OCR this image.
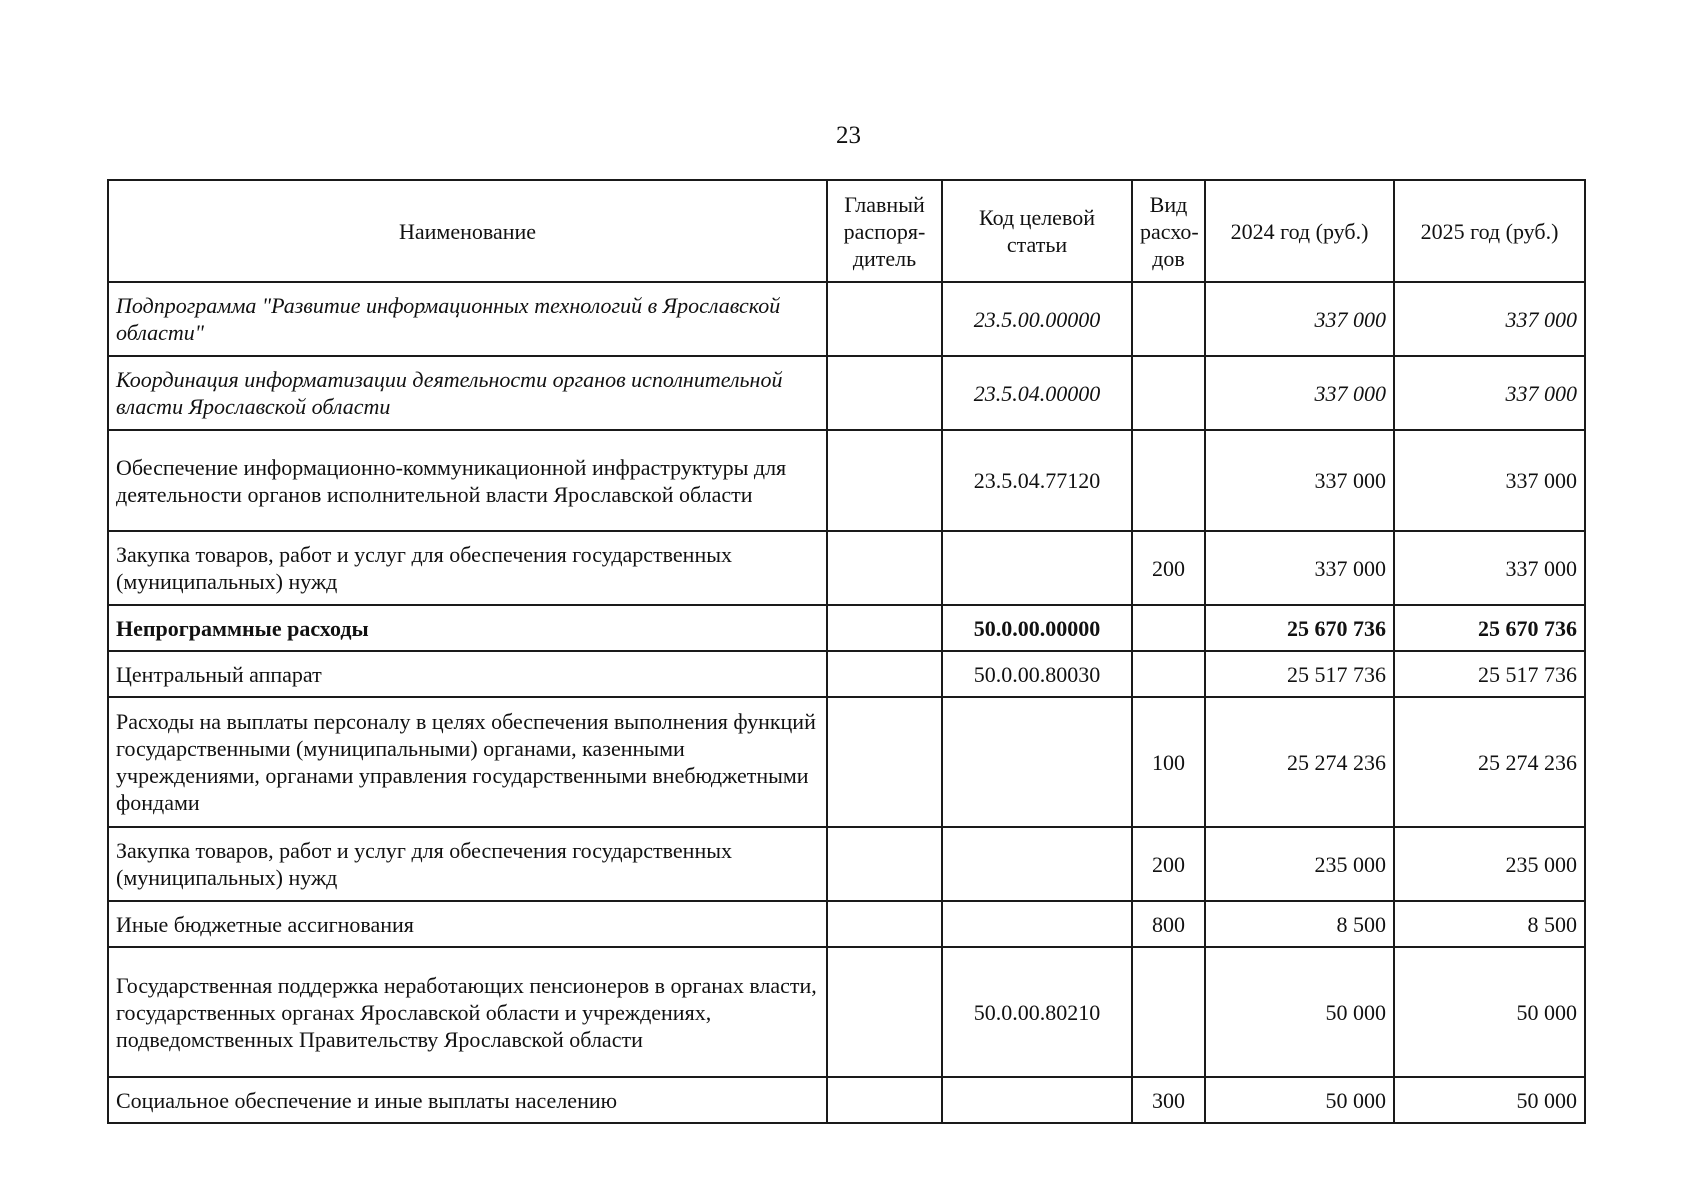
23
Наименование	Главный распоря-дитель	Код целевой статьи	Вид расхо-дов	2024 год (руб.)	2025 год (руб.)
Подпрограмма "Развитие информационных технологий в Ярославской области"		23.5.00.00000		337 000	337 000
Координация информатизации деятельности органов исполнительной власти Ярославской области		23.5.04.00000		337 000	337 000
Обеспечение информационно-коммуникационной инфраструктуры для деятельности органов исполнительной власти Ярославской области		23.5.04.77120		337 000	337 000
Закупка товаров, работ и услуг для обеспечения государственных (муниципальных) нужд			200	337 000	337 000
Непрограммные расходы		50.0.00.00000		25 670 736	25 670 736
Центральный аппарат		50.0.00.80030		25 517 736	25 517 736
Расходы на выплаты персоналу в целях обеспечения выполнения функций государственными (муниципальными) органами, казенными учреждениями, органами управления государственными внебюджетными фондами			100	25 274 236	25 274 236
Закупка товаров, работ и услуг для обеспечения государственных (муниципальных) нужд			200	235 000	235 000
Иные бюджетные ассигнования			800	8 500	8 500
Государственная поддержка неработающих пенсионеров в органах власти, государственных органах Ярославской области и учреждениях, подведомственных Правительству Ярославской области		50.0.00.80210		50 000	50 000
Социальное обеспечение и иные выплаты населению			300	50 000	50 000
